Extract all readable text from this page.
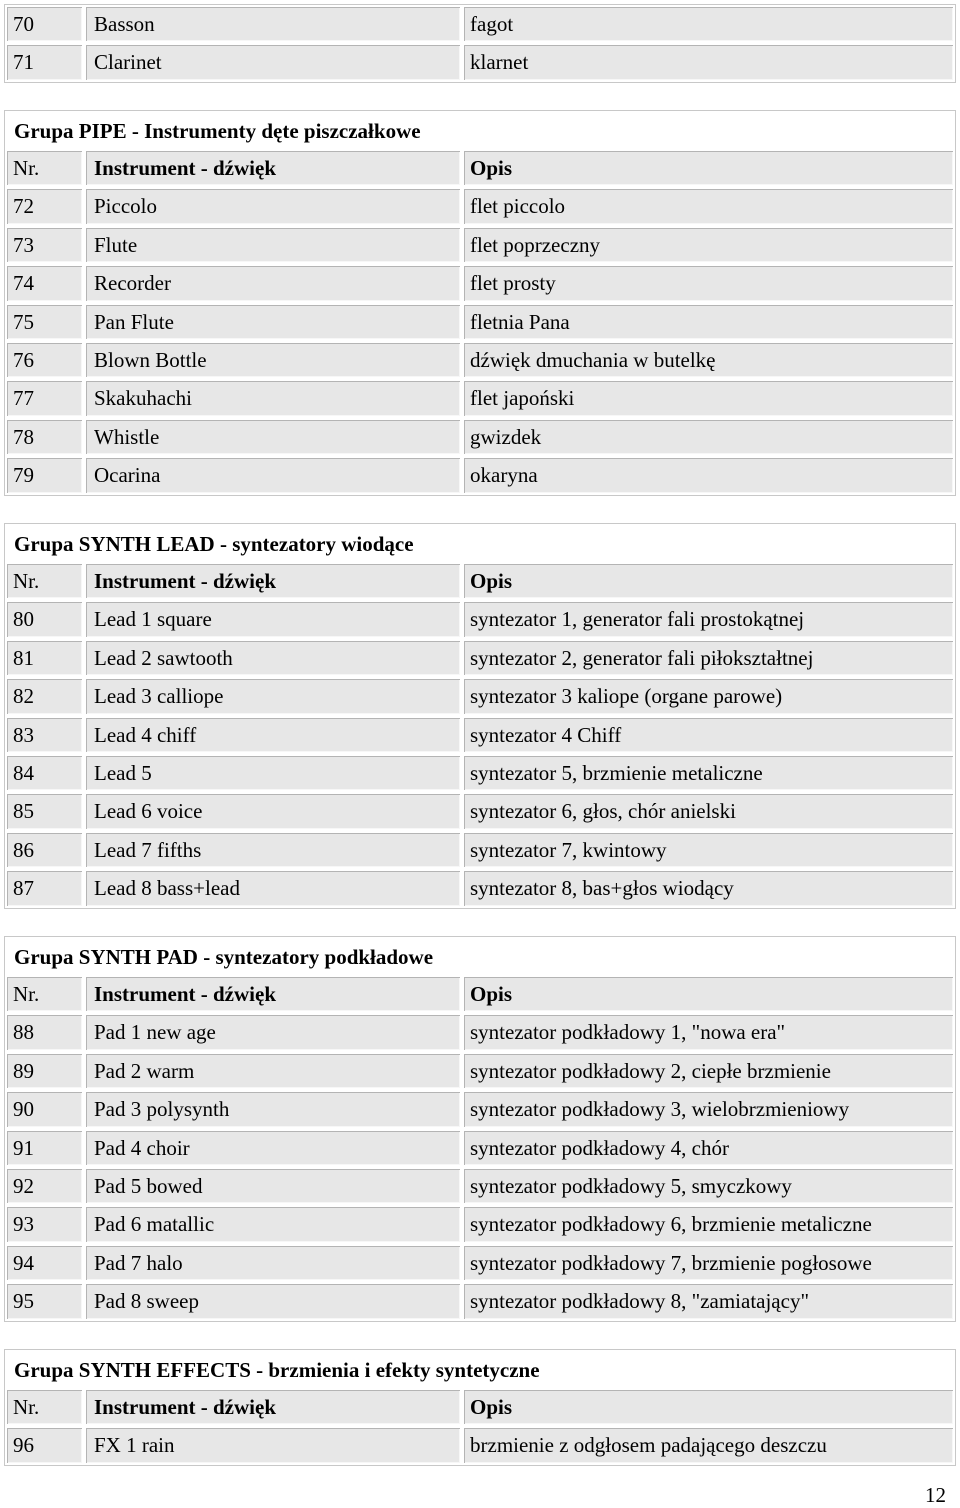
70	Basson	fagot
71	Clarinet	klarnet
Grupa PIPE - Instrumenty dęte piszczałkowe
Nr.	Instrument - dźwięk	Opis
72	Piccolo	flet piccolo
73	Flute	flet poprzeczny
74	Recorder	flet prosty
75	Pan Flute	fletnia Pana
76	Blown Bottle	dźwięk dmuchania w butelkę
77	Skakuhachi	flet japoński
78	Whistle	gwizdek
79	Ocarina	okaryna
Grupa SYNTH LEAD - syntezatory wiodące
Nr.	Instrument - dźwięk	Opis
80	Lead 1 square	syntezator 1, generator fali prostokątnej
81	Lead 2 sawtooth	syntezator 2, generator fali piłokształtnej
82	Lead 3 calliope	syntezator 3 kaliope (organe parowe)
83	Lead 4 chiff	syntezator 4 Chiff
84	Lead 5	syntezator 5, brzmienie metaliczne
85	Lead 6 voice	syntezator 6, głos, chór anielski
86	Lead 7 fifths	syntezator 7, kwintowy
87	Lead 8 bass+lead	syntezator 8, bas+głos wiodący
Grupa SYNTH PAD - syntezatory podkładowe
Nr.	Instrument - dźwięk	Opis
88	Pad 1 new age	syntezator podkładowy 1, "nowa era"
89	Pad 2 warm	syntezator podkładowy 2, ciepłe brzmienie
90	Pad 3 polysynth	syntezator podkładowy 3, wielobrzmieniowy
91	Pad 4 choir	syntezator podkładowy 4, chór
92	Pad 5 bowed	syntezator podkładowy 5, smyczkowy
93	Pad 6 matallic	syntezator podkładowy 6, brzmienie metaliczne
94	Pad 7 halo	syntezator podkładowy 7, brzmienie pogłosowe
95	Pad 8 sweep	syntezator podkładowy 8, "zamiatający"
Grupa SYNTH EFFECTS - brzmienia i efekty syntetyczne
Nr.	Instrument - dźwięk	Opis
96	FX 1 rain	brzmienie z odgłosem padającego deszczu
12
